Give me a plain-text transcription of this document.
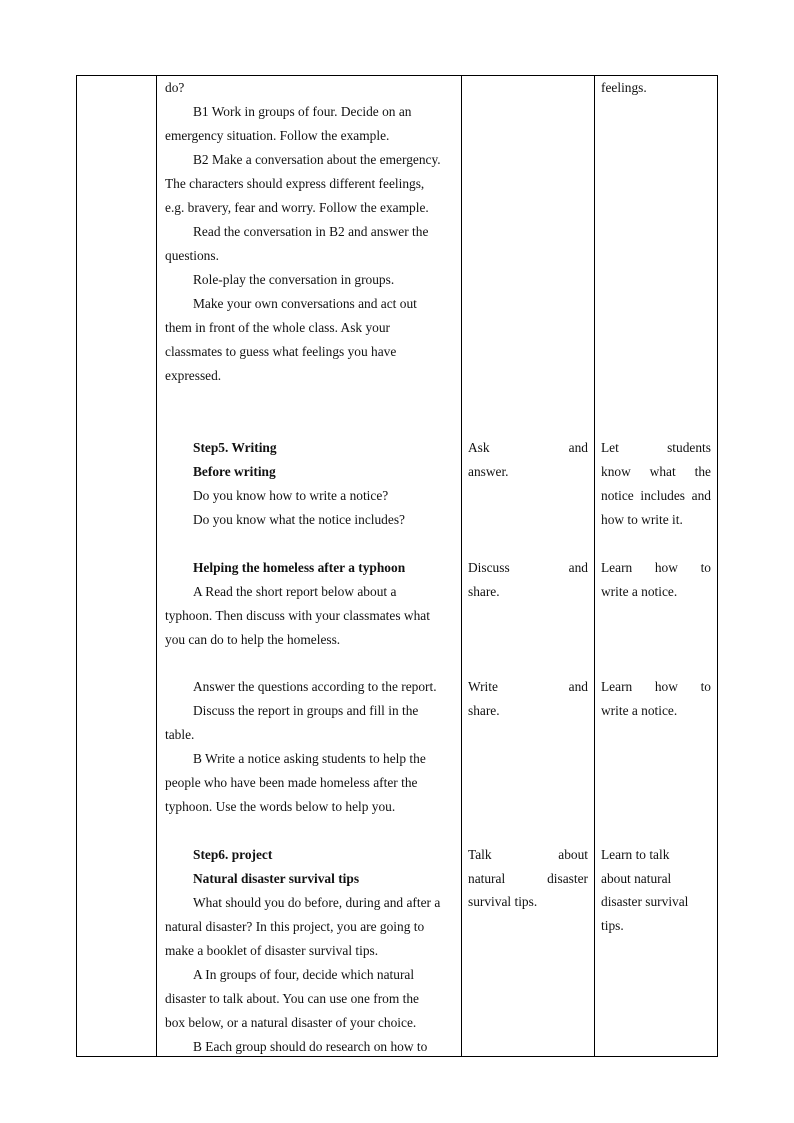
do?
B1 Work in groups of four. Decide on an
emergency situation. Follow the example.
B2 Make a conversation about the emergency.
The characters should express different feelings,
e.g. bravery, fear and worry. Follow the example.
Read the conversation in B2 and answer the
questions.
Role-play the conversation in groups.
Make your own conversations and act out
them in front of the whole class. Ask your
classmates to guess what feelings you have
expressed.
Step5. Writing
Before writing
Do you know how to write a notice?
Do you know what the notice includes?
Helping the homeless after a typhoon
A Read the short report below about a
typhoon. Then discuss with your classmates what
you can do to help the homeless.
Answer the questions according to the report.
Discuss the report in groups and fill in the
table.
B Write a notice asking students to help the
people who have been made homeless after the
typhoon. Use the words below to help you.
Step6. project
Natural disaster survival tips
What should you do before, during and after a
natural disaster? In this project, you are going to
make a booklet of disaster survival tips.
A In groups of four, decide which natural
disaster to talk about. You can use one from the
box below, or a natural disaster of your choice.
B Each group should do research on how to
Ask and
answer.
Discuss and
share.
Write and
share.
Talk about
natural disaster
survival tips.
feelings.
Let students
know what the
notice includes and
how to write it.
Learn how to
write a notice.
Learn how to
write a notice.
Learn to talk
about natural
disaster survival
tips.
